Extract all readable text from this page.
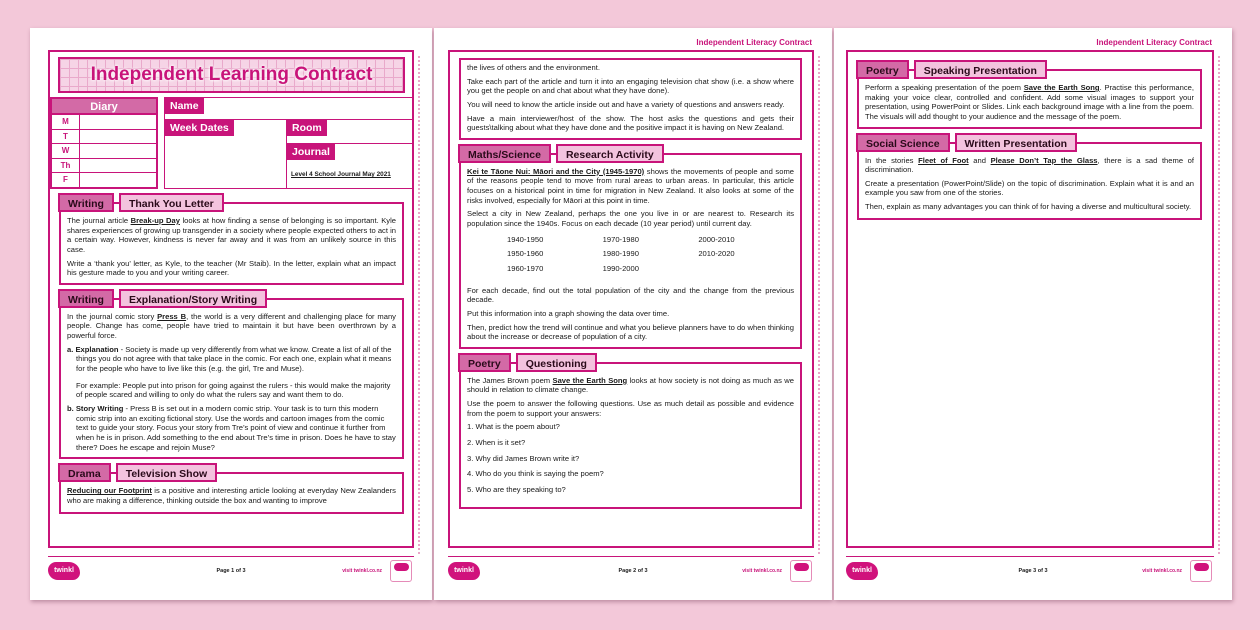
Independent Learning Contract
Diary
M
T
W
Th
F
Name
Week Dates	Room
Journal
Level 4 School Journal May 2021
Writing	Thank You Letter

The journal article Break-up Day looks at how finding a sense of belonging is so important. Kyle shares experiences of growing up transgender in a society where people expected others to act in a certain way. However, kindness is never far away and it was from an unlikely source in this case.

Write a ‘thank you’ letter, as Kyle, to the teacher (Mr Staib). In the letter, explain what an impact his gesture made to you and your writing career.

Writing	Explanation/Story Writing

In the journal comic story Press B, the world is a very different and challenging place for many people. Change has come, people have tried to maintain it but have been overthrown by a powerful force.

a. Explanation - Society is made up very differently from what we know. Create a list of all of the things you do not agree with that take place in the comic. For each one, explain what it means for the people who have to live like this (e.g. the girl, Tre and Muse).

For example: People put into prison for going against the rulers - this would make the majority of people scared and willing to only do what the rulers say and want them to do.

b. Story Writing - Press B is set out in a modern comic strip. Your task is to turn this modern comic strip into an exciting fictional story. Use the words and cartoon images from the comic text to guide your story. Focus your story from Tre’s point of view and continue it further from when he is in prison. Add something to the end about Tre’s time in prison. Does he have to stay there? Does he escape and rejoin Muse?

Drama	Television Show

Reducing our Footprint is a positive and interesting article looking at everyday New Zealanders who are making a difference, thinking outside the box and wanting to improve

twinkl	Page 1 of 3	visit twinkl.co.nz
Independent Literacy Contract

the lives of others and the environment.

Take each part of the article and turn it into an engaging television chat show (i.e. a show where you get the people on and chat about what they have done).

You will need to know the article inside out and have a variety of questions and answers ready.

Have a main interviewer/host of the show. The host asks the questions and gets their guests\talking about what they have done and the positive impact it is having on New Zealand.

Maths/Science	Research Activity

Kei te Tāone Nui: Māori and the City (1945-1970) shows the movements of people and some of the reasons people tend to move from rural areas to urban areas. In particular, this article focuses on a historical point in time for migration in New Zealand. It also looks at some of the risks involved, especially for Māori at this point in time.

Select a city in New Zealand, perhaps the one you live in or are nearest to. Research its population since the 1940s. Focus on each decade (10 year period) until current day.

1940-1950	1970-1980	2000-2010
1950-1960	1980-1990	2010-2020
1960-1970	1990-2000

For each decade, find out the total population of the city and the change from the previous decade.

Put this information into a graph showing the data over time.

Then, predict how the trend will continue and what you believe planners have to do when thinking about the increase or decrease of population of a city.

Poetry	Questioning

The James Brown poem Save the Earth Song looks at how society is not doing as much as we should in relation to climate change.

Use the poem to answer the following questions. Use as much detail as possible and evidence from the poem to support your answers:

1. What is the poem about?

2. When is it set?

3. Why did James Brown write it?

4. Who do you think is saying the poem?

5. Who are they speaking to?

twinkl	Page 2 of 3	visit twinkl.co.nz
Independent Literacy Contract
Poetry	Speaking Presentation

Perform a speaking presentation of the poem Save the Earth Song. Practise this performance, making your voice clear, controlled and confident. Add some visual images to support your presentation, using PowerPoint or Slides. Link each background image with a line from the poem. The visuals will add thought to your audience and the message of the poem.

Social Science	Written Presentation

In the stories Fleet of Foot and Please Don’t Tap the Glass, there is a sad theme of discrimination.

Create a presentation (PowerPoint/Slide) on the topic of discrimination. Explain what it is and an example you saw from one of the stories.

Then, explain as many advantages you can think of for having a diverse and multicultural society.

twinkl	Page 3 of 3	visit twinkl.co.nz
